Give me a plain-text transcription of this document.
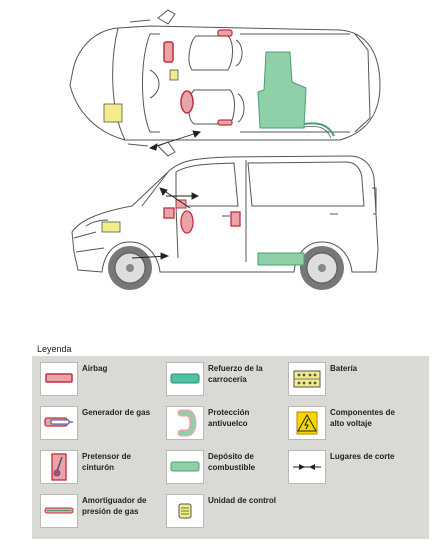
Leyenda
Airbag	Refuerzo de la carrocería
Batería
Generador de gas	Protección antivuelco
Componentes de alto voltaje
Pretensor de cinturón
Depósito de combustible
Lugares de corte
Amortiguador de presión de gas
Unidad de control
